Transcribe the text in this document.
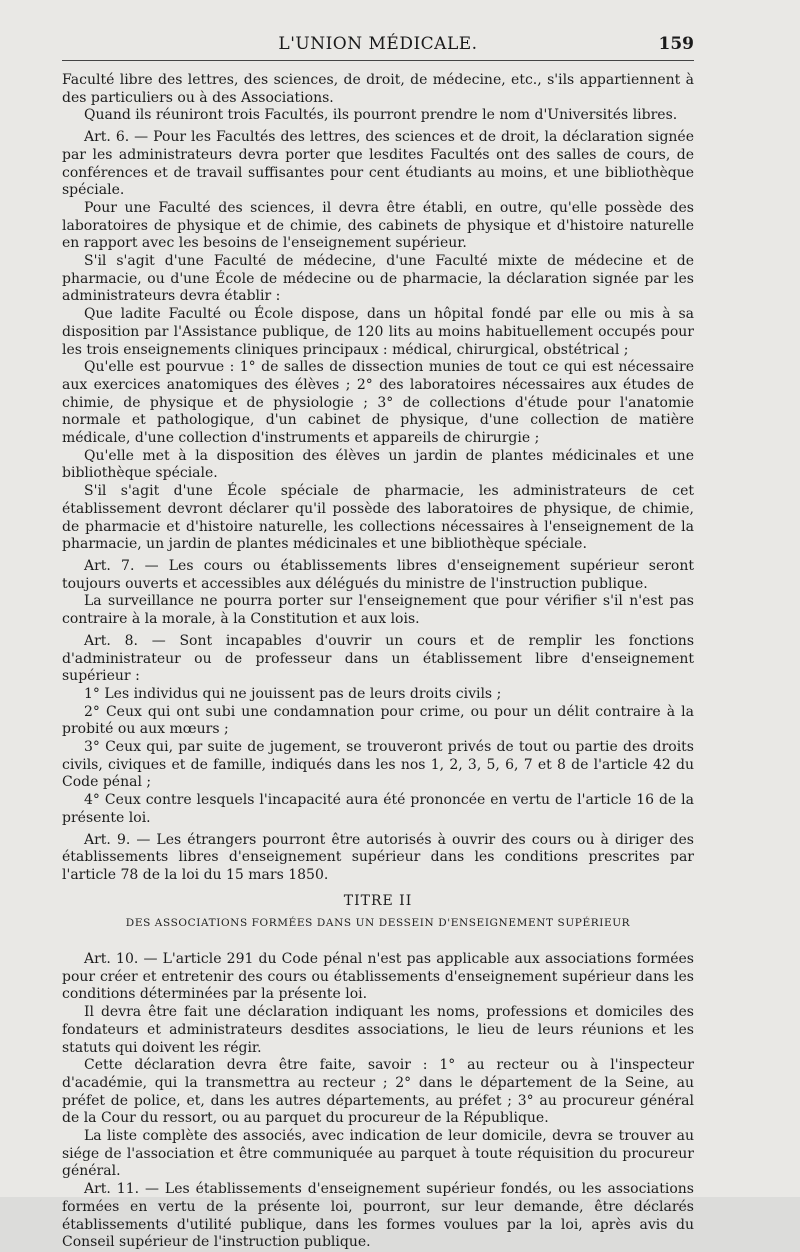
L'UNION MÉDICALE.	159

Faculté libre des lettres, des sciences, de droit, de médecine, etc., s'ils appartiennent à des particuliers ou à des Associations.

Quand ils réuniront trois Facultés, ils pourront prendre le nom d'Universités libres.

Art. 6. — Pour les Facultés des lettres, des sciences et de droit, la déclaration signée par les administrateurs devra porter que lesdites Facultés ont des salles de cours, de conférences et de travail suffisantes pour cent étudiants au moins, et une bibliothèque spéciale.

Pour une Faculté des sciences, il devra être établi, en outre, qu'elle possède des laboratoires de physique et de chimie, des cabinets de physique et d'histoire naturelle en rapport avec les besoins de l'enseignement supérieur.

S'il s'agit d'une Faculté de médecine, d'une Faculté mixte de médecine et de pharmacie, ou d'une École de médecine ou de pharmacie, la déclaration signée par les administrateurs devra établir :

Que ladite Faculté ou École dispose, dans un hôpital fondé par elle ou mis à sa disposition par l'Assistance publique, de 120 lits au moins habituellement occupés pour les trois enseignements cliniques principaux : médical, chirurgical, obstétrical ;

Qu'elle est pourvue : 1° de salles de dissection munies de tout ce qui est nécessaire aux exercices anatomiques des élèves ; 2° des laboratoires nécessaires aux études de chimie, de physique et de physiologie ; 3° de collections d'étude pour l'anatomie normale et pathologique, d'un cabinet de physique, d'une collection de matière médicale, d'une collection d'instruments et appareils de chirurgie ;

Qu'elle met à la disposition des élèves un jardin de plantes médicinales et une bibliothèque spéciale.

S'il s'agit d'une École spéciale de pharmacie, les administrateurs de cet établissement devront déclarer qu'il possède des laboratoires de physique, de chimie, de pharmacie et d'histoire naturelle, les collections nécessaires à l'enseignement de la pharmacie, un jardin de plantes médicinales et une bibliothèque spéciale.

Art. 7. — Les cours ou établissements libres d'enseignement supérieur seront toujours ouverts et accessibles aux délégués du ministre de l'instruction publique.

La surveillance ne pourra porter sur l'enseignement que pour vérifier s'il n'est pas contraire à la morale, à la Constitution et aux lois.

Art. 8. — Sont incapables d'ouvrir un cours et de remplir les fonctions d'administrateur ou de professeur dans un établissement libre d'enseignement supérieur :

1° Les individus qui ne jouissent pas de leurs droits civils ;

2° Ceux qui ont subi une condamnation pour crime, ou pour un délit contraire à la probité ou aux mœurs ;

3° Ceux qui, par suite de jugement, se trouveront privés de tout ou partie des droits civils, civiques et de famille, indiqués dans les nos 1, 2, 3, 5, 6, 7 et 8 de l'article 42 du Code pénal ;

4° Ceux contre lesquels l'incapacité aura été prononcée en vertu de l'article 16 de la présente loi.

Art. 9. — Les étrangers pourront être autorisés à ouvrir des cours ou à diriger des établissements libres d'enseignement supérieur dans les conditions prescrites par l'article 78 de la loi du 15 mars 1850.

TITRE II
DES ASSOCIATIONS FORMÉES DANS UN DESSEIN D'ENSEIGNEMENT SUPÉRIEUR

Art. 10. — L'article 291 du Code pénal n'est pas applicable aux associations formées pour créer et entretenir des cours ou établissements d'enseignement supérieur dans les conditions déterminées par la présente loi.

Il devra être fait une déclaration indiquant les noms, professions et domiciles des fondateurs et administrateurs desdites associations, le lieu de leurs réunions et les statuts qui doivent les régir.

Cette déclaration devra être faite, savoir : 1° au recteur ou à l'inspecteur d'académie, qui la transmettra au recteur ; 2° dans le département de la Seine, au préfet de police, et, dans les autres départements, au préfet ; 3° au procureur général de la Cour du ressort, ou au parquet du procureur de la République.

La liste complète des associés, avec indication de leur domicile, devra se trouver au siége de l'association et être communiquée au parquet à toute réquisition du procureur général.

Art. 11. — Les établissements d'enseignement supérieur fondés, ou les associations formées en vertu de la présente loi, pourront, sur leur demande, être déclarés établissements d'utilité publique, dans les formes voulues par la loi, après avis du Conseil supérieur de l'instruction publique.
